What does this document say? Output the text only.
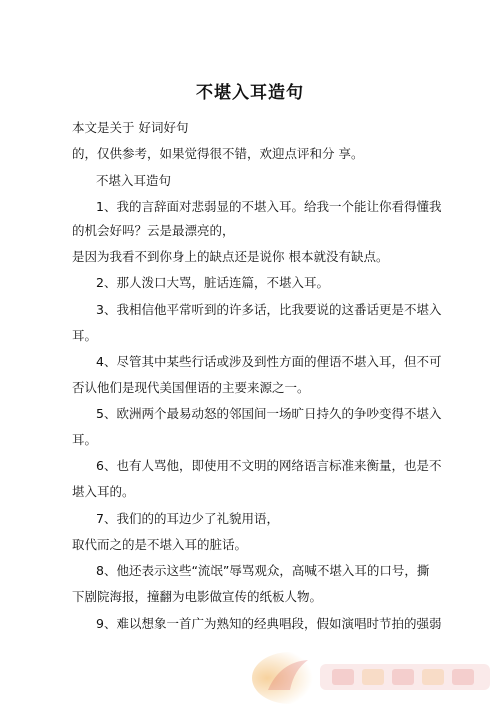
不堪入耳造句
本文是关于 好词好句
的，仅供参考，如果觉得很不错，欢迎点评和分 享。
不堪入耳造句
1、我的言辞面对悲弱显的不堪入耳。给我一个能让你看得懂我
的机会好吗？云是最漂亮的，
是因为我看不到你身上的缺点还是说你 根本就没有缺点。
2、那人泼口大骂，脏话连篇，不堪入耳。
3、我相信他平常听到的许多话，比我要说的这番话更是不堪入
耳。
4、尽管其中某些行话或涉及到性方面的俚语不堪入耳，但不可
否认他们是现代美国俚语的主要来源之一。
5、欧洲两个最易动怒的邻国间一场旷日持久的争吵变得不堪入
耳。
6、也有人骂他，即使用不文明的网络语言标准来衡量，也是不
堪入耳的。
7、我们的的耳边少了礼貌用语，
取代而之的是不堪入耳的脏话。
8、他还表示这些“流氓”辱骂观众，高喊不堪入耳的口号，撕
下剧院海报，撞翻为电影做宣传的纸板人物。
9、难以想象一首广为熟知的经典唱段，假如演唱时节拍的强弱
